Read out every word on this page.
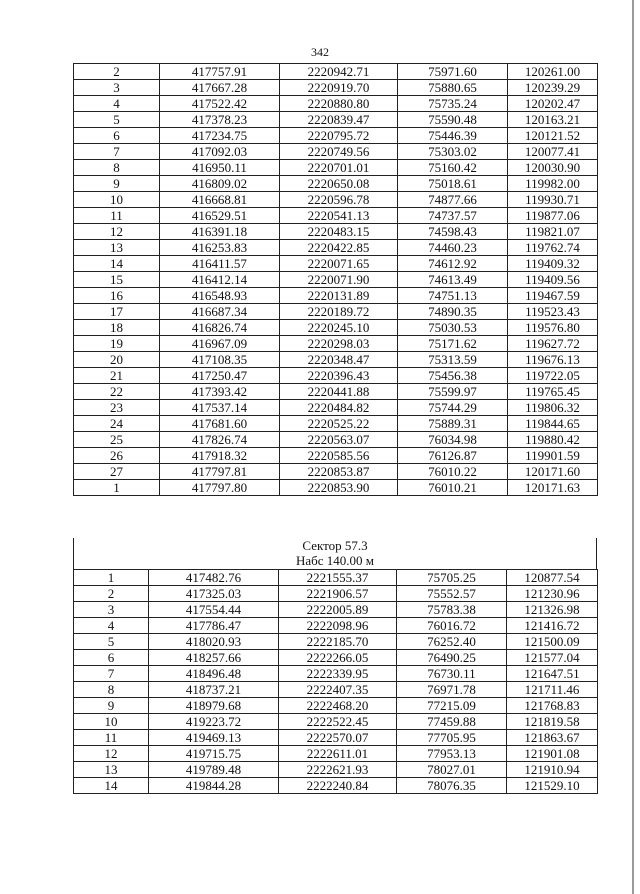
342
2	417757.91	2220942.71	75971.60	120261.00
3	417667.28	2220919.70	75880.65	120239.29
4	417522.42	2220880.80	75735.24	120202.47
5	417378.23	2220839.47	75590.48	120163.21
6	417234.75	2220795.72	75446.39	120121.52
7	417092.03	2220749.56	75303.02	120077.41
8	416950.11	2220701.01	75160.42	120030.90
9	416809.02	2220650.08	75018.61	119982.00
10	416668.81	2220596.78	74877.66	119930.71
11	416529.51	2220541.13	74737.57	119877.06
12	416391.18	2220483.15	74598.43	119821.07
13	416253.83	2220422.85	74460.23	119762.74
14	416411.57	2220071.65	74612.92	119409.32
15	416412.14	2220071.90	74613.49	119409.56
16	416548.93	2220131.89	74751.13	119467.59
17	416687.34	2220189.72	74890.35	119523.43
18	416826.74	2220245.10	75030.53	119576.80
19	416967.09	2220298.03	75171.62	119627.72
20	417108.35	2220348.47	75313.59	119676.13
21	417250.47	2220396.43	75456.38	119722.05
22	417393.42	2220441.88	75599.97	119765.45
23	417537.14	2220484.82	75744.29	119806.32
24	417681.60	2220525.22	75889.31	119844.65
25	417826.74	2220563.07	76034.98	119880.42
26	417918.32	2220585.56	76126.87	119901.59
27	417797.81	2220853.87	76010.22	120171.60
1	417797.80	2220853.90	76010.21	120171.63
Сектор 57.3
Набс 140.00 м
1	417482.76	2221555.37	75705.25	120877.54
2	417325.03	2221906.57	75552.57	121230.96
3	417554.44	2222005.89	75783.38	121326.98
4	417786.47	2222098.96	76016.72	121416.72
5	418020.93	2222185.70	76252.40	121500.09
6	418257.66	2222266.05	76490.25	121577.04
7	418496.48	2222339.95	76730.11	121647.51
8	418737.21	2222407.35	76971.78	121711.46
9	418979.68	2222468.20	77215.09	121768.83
10	419223.72	2222522.45	77459.88	121819.58
11	419469.13	2222570.07	77705.95	121863.67
12	419715.75	2222611.01	77953.13	121901.08
13	419789.48	2222621.93	78027.01	121910.94
14	419844.28	2222240.84	78076.35	121529.10
